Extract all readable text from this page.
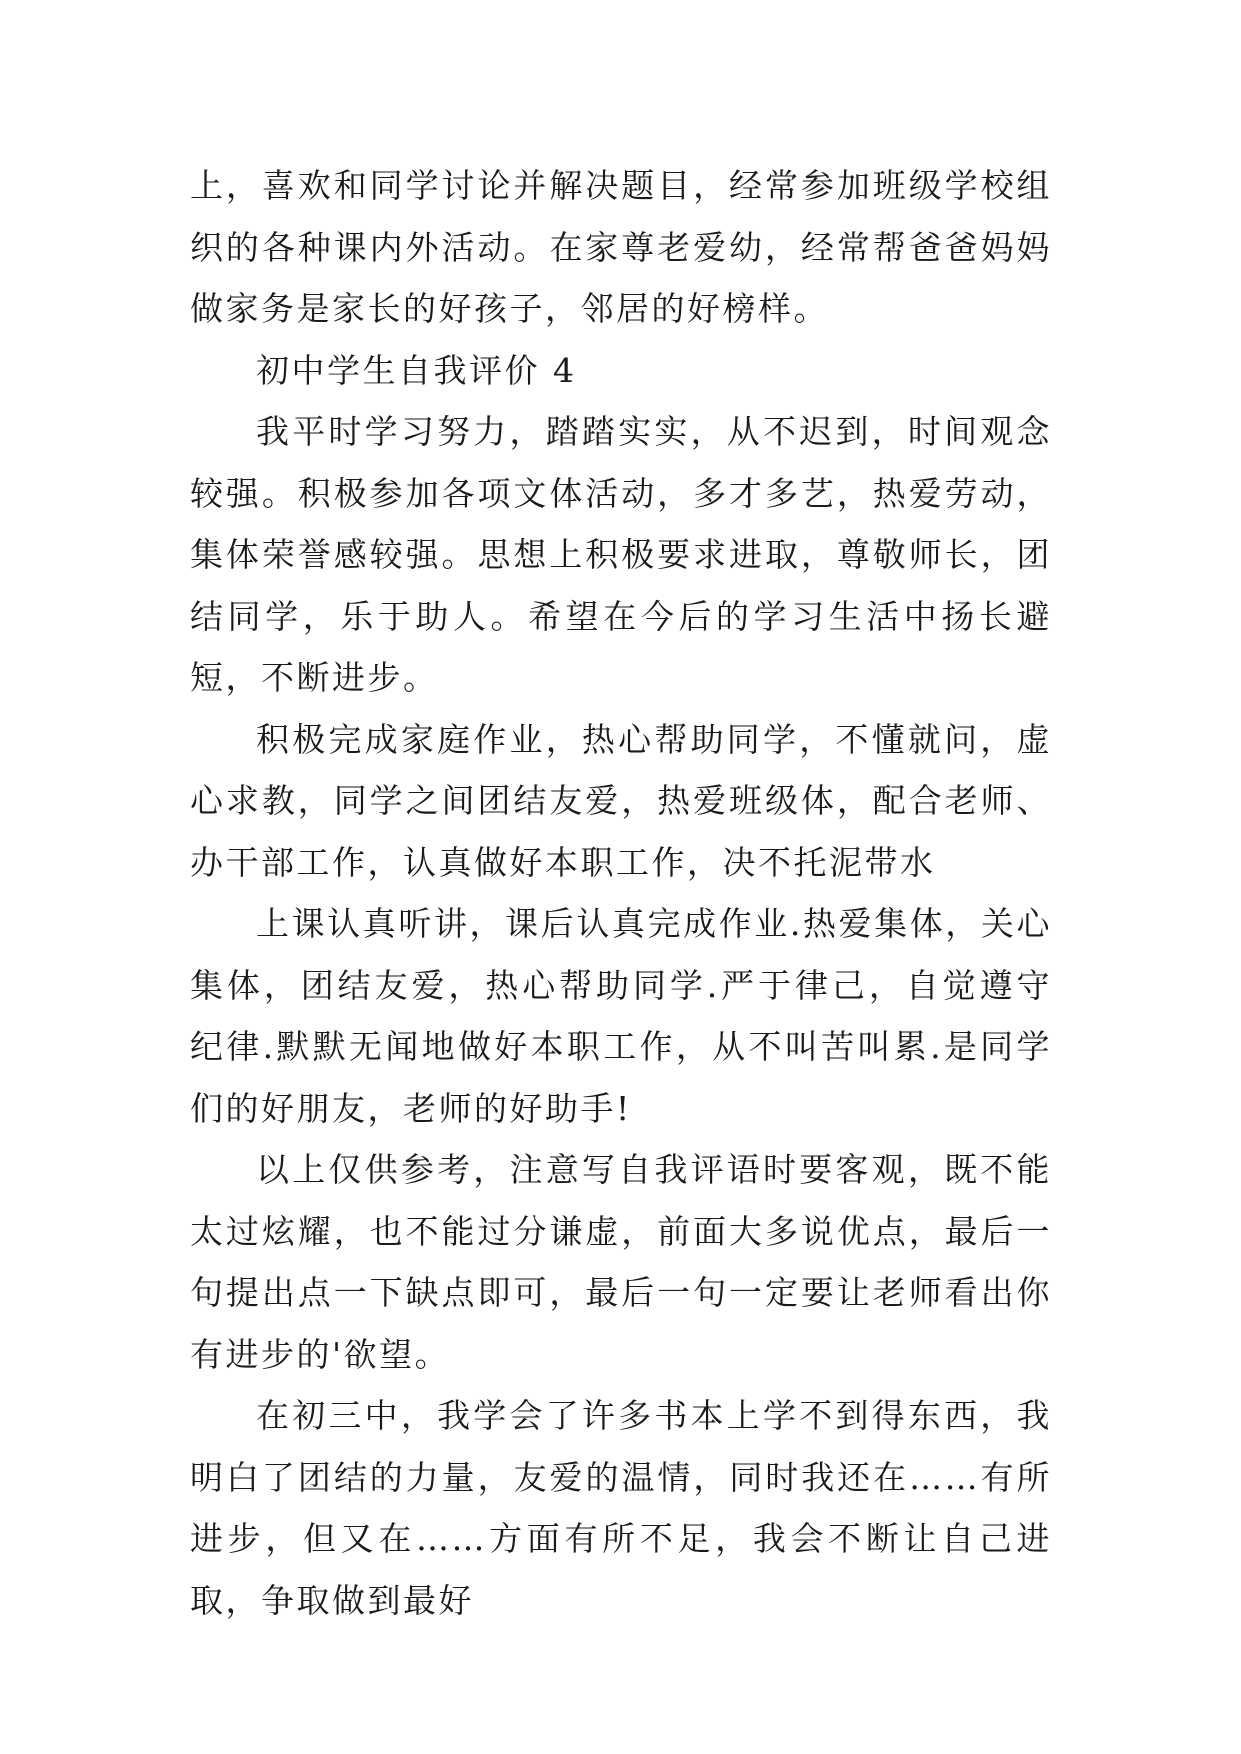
上，喜欢和同学讨论并解决题目，经常参加班级学校组织的各种课内外活动。在家尊老爱幼，经常帮爸爸妈妈做家务是家长的好孩子，邻居的好榜样。

初中学生自我评价 4

我平时学习努力，踏踏实实，从不迟到，时间观念较强。积极参加各项文体活动，多才多艺，热爱劳动，集体荣誉感较强。思想上积极要求进取，尊敬师长，团结同学，乐于助人。希望在今后的学习生活中扬长避短，不断进步。

积极完成家庭作业，热心帮助同学，不懂就问，虚心求教，同学之间团结友爱，热爱班级体，配合老师、办干部工作，认真做好本职工作，决不托泥带水

上课认真听讲，课后认真完成作业.热爱集体，关心集体，团结友爱，热心帮助同学.严于律己，自觉遵守纪律.默默无闻地做好本职工作，从不叫苦叫累.是同学们的好朋友，老师的好助手!

以上仅供参考，注意写自我评语时要客观，既不能太过炫耀，也不能过分谦虚，前面大多说优点，最后一句提出点一下缺点即可，最后一句一定要让老师看出你有进步的'欲望。

在初三中，我学会了许多书本上学不到得东西，我明白了团结的力量，友爱的温情，同时我还在……有所进步，但又在……方面有所不足，我会不断让自己进取，争取做到最好
